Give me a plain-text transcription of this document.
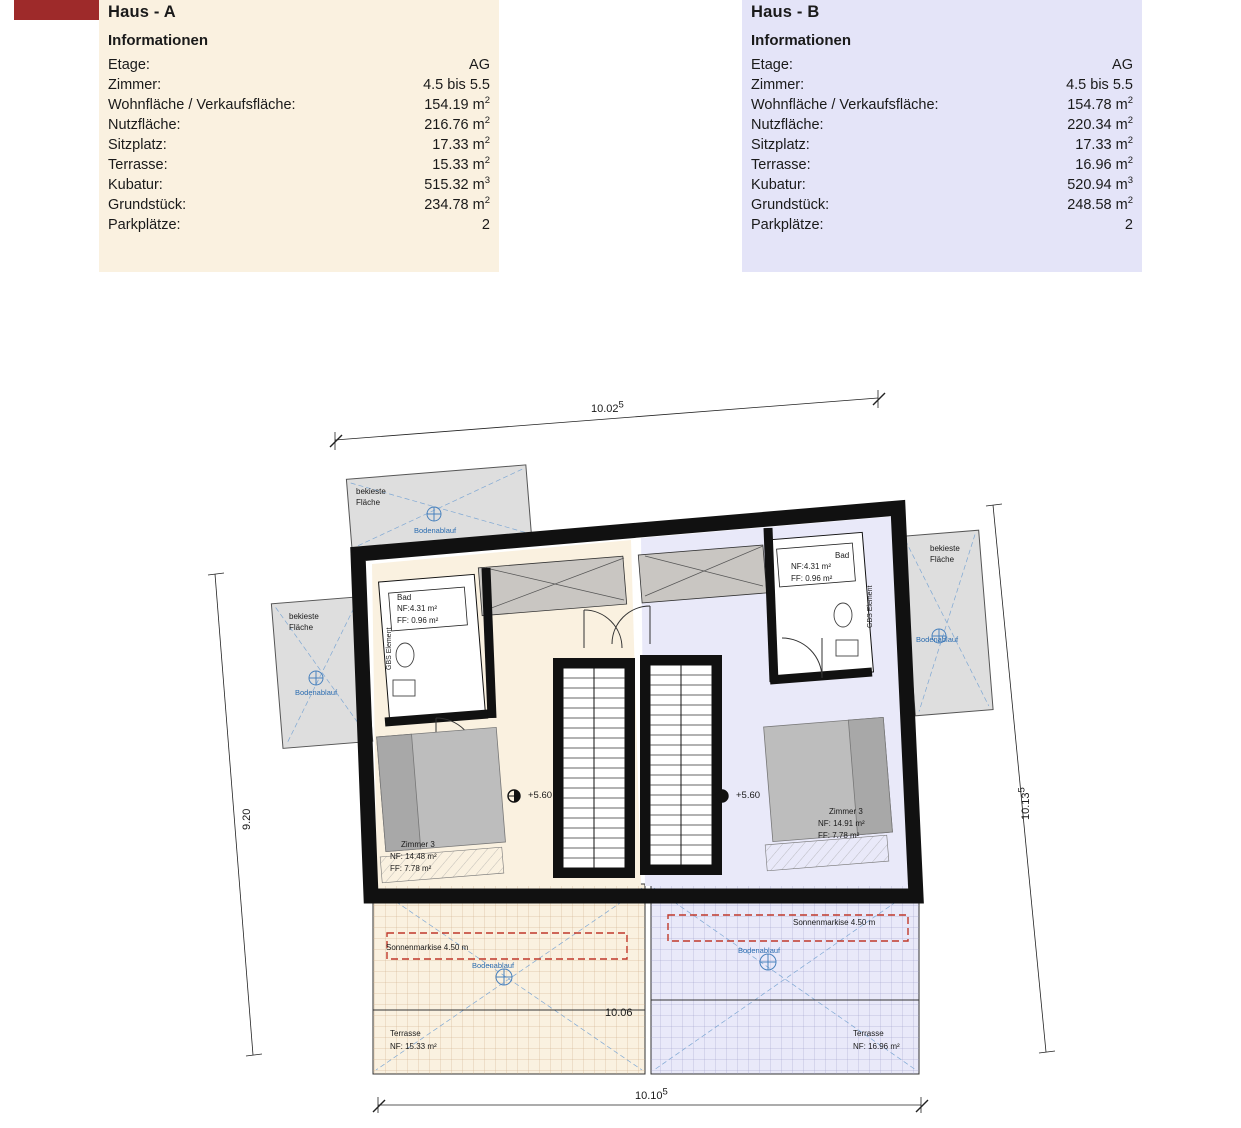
Haus - A
Informationen
Etage:	AG
Zimmer:	4.5 bis 5.5
Wohnfläche / Verkaufsfläche:	154.19 $m^2$
Nutzfläche:	216.76 $m^2$
Sitzplatz:	17.33 $m^2$
Terrasse:	15.33 $m^2$
Kubatur:	515.32 $m^3$
Grundstück:	234.78 $m^2$
Parkplätze:	2
Haus - B
Informationen
Etage:	AG
Zimmer:	4.5 bis 5.5
Wohnfläche / Verkaufsfläche:	154.78 $m^2$
Nutzfläche:	220.34 $m^2$
Sitzplatz:	17.33 $m^2$
Terrasse:	16.96 $m^2$
Kubatur:	520.94 $m^3$
Grundstück:	248.58 $m^2$
Parkplätze:	2
10.02$^5$
10.13$^5$
9.20
10.10$^5$
10.06
bekieste
Fläche
bekieste
Fläche
bekieste
Fläche
Bodenablauf
Bodenablauf
Bodenablauf
Bodenablauf
Bodenablauf
Bad
NF:4.31 m²
FF: 0.96 m²
Bad
NF:4.31 m²
FF: 0.96 m²
GBS Element
GBS Element
Zimmer 3
NF: 14.48 m²
FF: 7.78 m²
Zimmer 3
NF: 14.91 m²
FF: 7.78 m²
+5.60	+5.60
Sonnenmarkise 4.50 m
Sonnenmarkise 4.50 m
Terrasse
NF: 15.33 m²
Terrasse
NF: 16.96 m²
